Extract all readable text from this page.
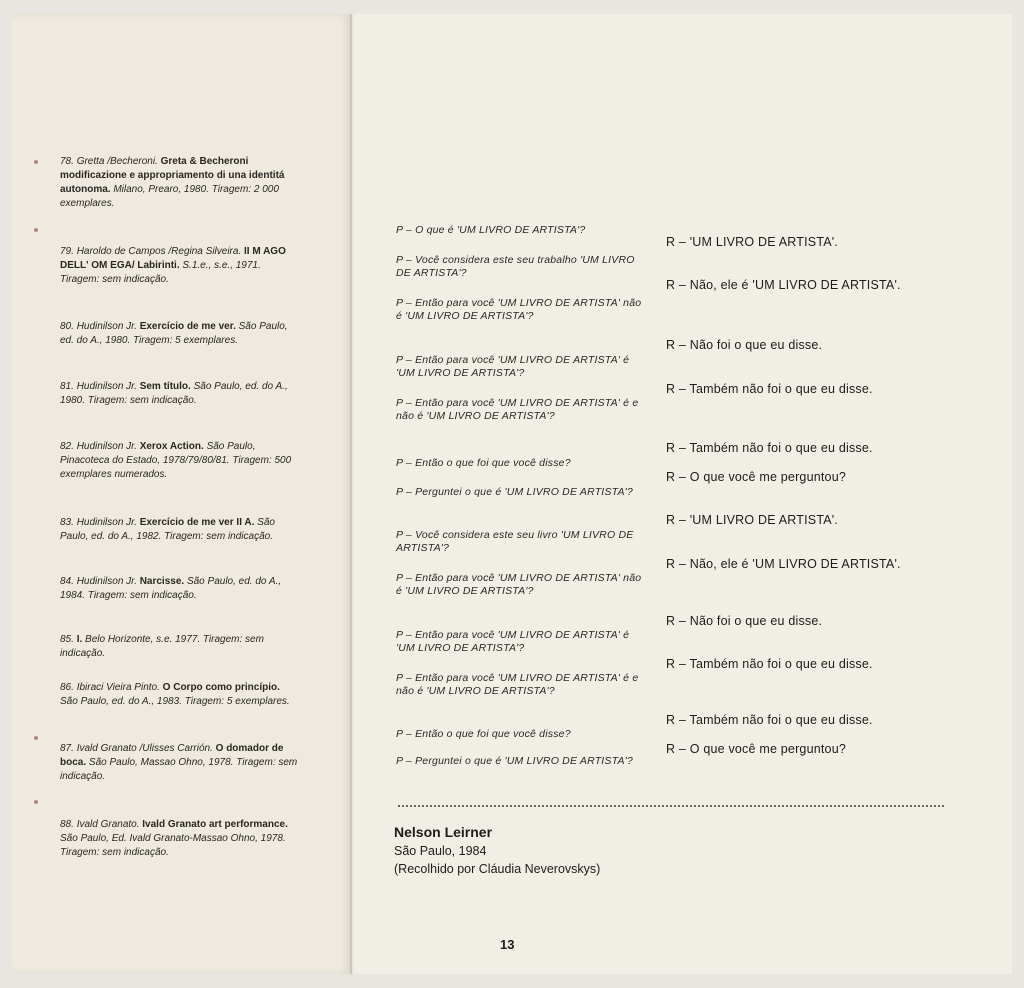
78. Gretta /Becheroni. Greta & Becheroni modificazione e appropriamento di una identitá autonoma. Milano, Prearo, 1980. Tiragem: 2 000 exemplares.
79. Haroldo de Campos /Regina Silveira. II M AGO DELL' OM EGA/ Labirinti. S.1.e., s.e., 1971. Tiragem: sem indicação.
80. Hudinilson Jr. Exercício de me ver. São Paulo, ed. do A., 1980. Tiragem: 5 exemplares.
81. Hudinilson Jr. Sem título. São Paulo, ed. do A., 1980. Tiragem: sem indicação.
82. Hudinilson Jr. Xerox Action. São Paulo, Pinacoteca do Estado, 1978/79/80/81. Tiragem: 500 exemplares numerados.
83. Hudinilson Jr. Exercício de me ver II A. São Paulo, ed. do A., 1982. Tiragem: sem indicação.
84. Hudinilson Jr. Narcisse. São Paulo, ed. do A., 1984. Tiragem: sem indicação.
85. I. Belo Horizonte, s.e. 1977. Tiragem: sem indicação.
86. Ibiraci Vieira Pinto. O Corpo como princípio. São Paulo, ed. do A., 1983. Tiragem: 5 exemplares.
87. Ivald Granato /Ulisses Carrión. O domador de boca. São Paulo, Massao Ohno, 1978. Tiragem: sem indicação.
88. Ivald Granato. Ivald Granato art performance. São Paulo, Ed. Ivald Granato-Massao Ohno, 1978. Tiragem: sem indicação.
P – O que é 'UM LIVRO DE ARTISTA'?
P – Você considera este seu trabalho 'UM LIVRO DE ARTISTA'?
P – Então para você 'UM LIVRO DE ARTISTA' não é 'UM LIVRO DE ARTISTA'?
P – Então para você 'UM LIVRO DE ARTISTA' é 'UM LIVRO DE ARTISTA'?
P – Então para você 'UM LIVRO DE ARTISTA' é e não é 'UM LIVRO DE ARTISTA'?
P – Então o que foi que você disse?
P – Perguntei o que é 'UM LIVRO DE ARTISTA'?
P – Você considera este seu livro 'UM LIVRO DE ARTISTA'?
P – Então para você 'UM LIVRO DE ARTISTA' não é 'UM LIVRO DE ARTISTA'?
P – Então para você 'UM LIVRO DE ARTISTA' é 'UM LIVRO DE ARTISTA'?
P – Então para você 'UM LIVRO DE ARTISTA' é e não é 'UM LIVRO DE ARTISTA'?
P – Então o que foi que você disse?
P – Perguntei o que é 'UM LIVRO DE ARTISTA'?
R – 'UM LIVRO DE ARTISTA'.
R – Não, ele é 'UM LIVRO DE ARTISTA'.
R – Não foi o que eu disse.
R – Também não foi o que eu disse.
R – Também não foi o que eu disse.
R – O que você me perguntou?
R – 'UM LIVRO DE ARTISTA'.
R – Não, ele é 'UM LIVRO DE ARTISTA'.
R – Não foi o que eu disse.
R – Também não foi o que eu disse.
R – Também não foi o que eu disse.
R – O que você me perguntou?
Nelson Leirner
São Paulo, 1984
(Recolhido por Cláudia Neverovskys)
13
